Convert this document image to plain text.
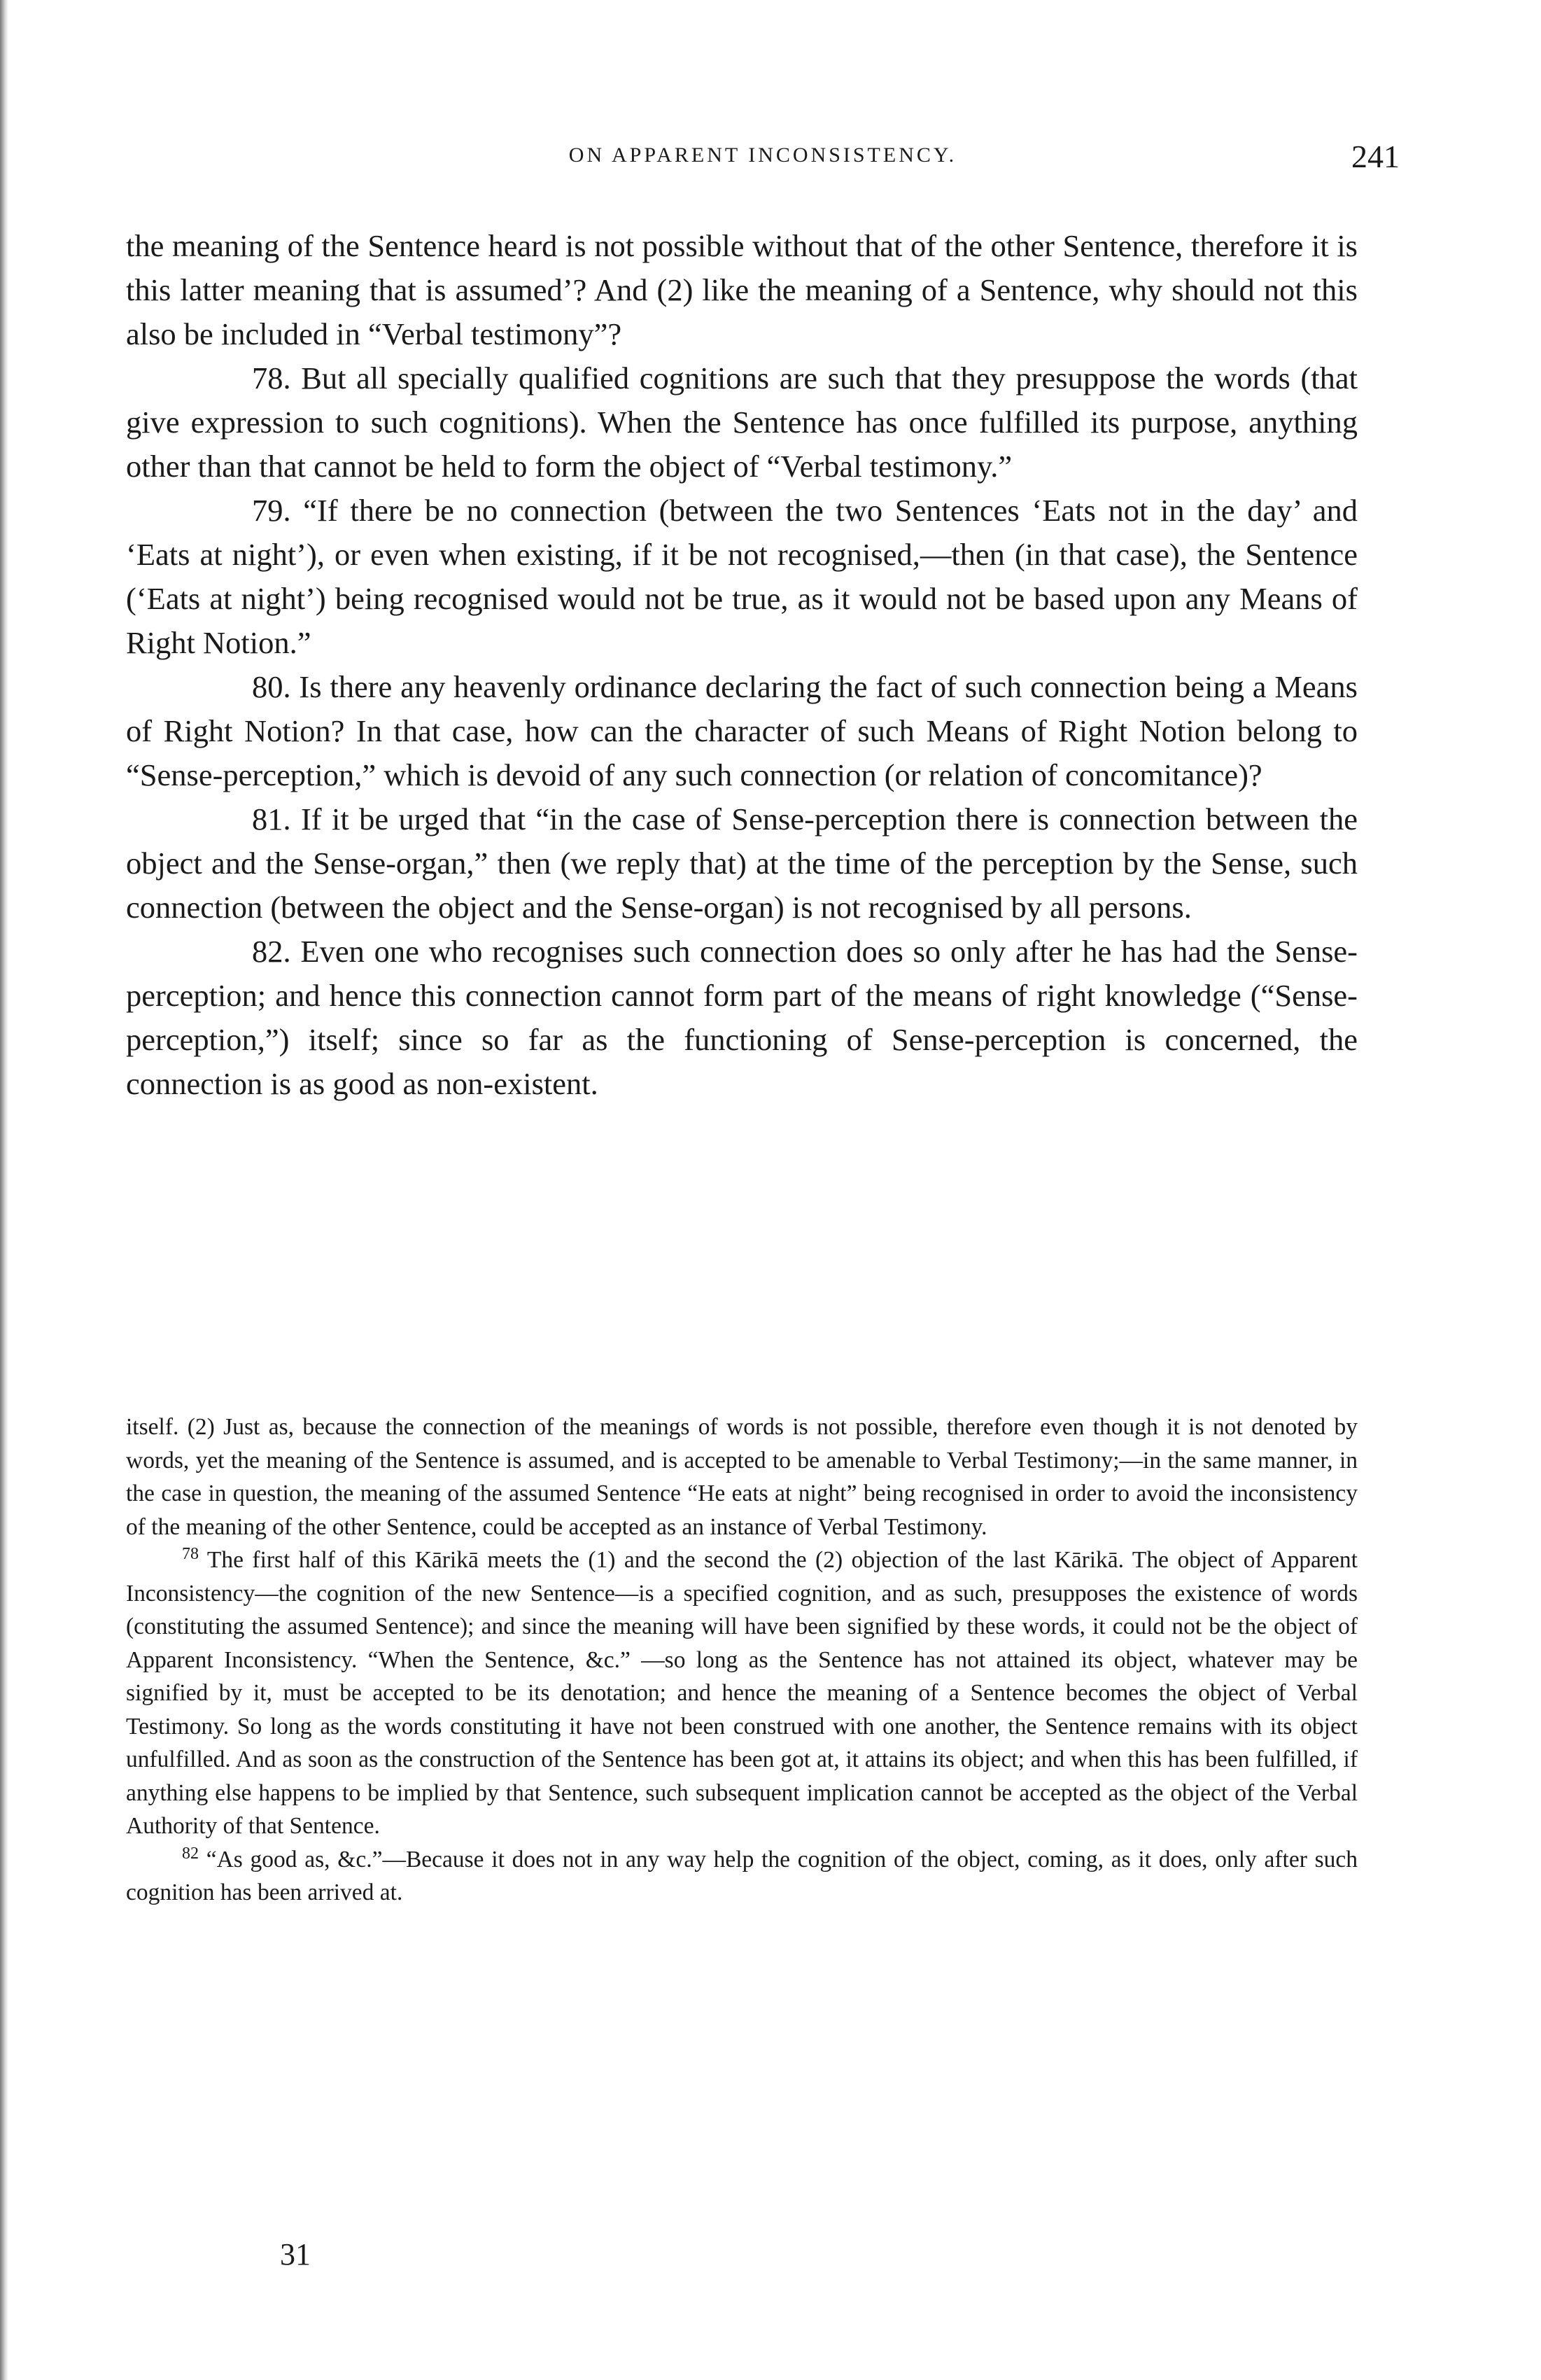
ON APPARENT INCONSISTENCY.	241

the meaning of the Sentence heard is not possible without that of the other Sentence, therefore it is this latter meaning that is assumed’? And (2) like the meaning of a Sentence, why should not this also be included in “Verbal testimony”?

78. But all specially qualified cognitions are such that they presuppose the words (that give expression to such cognitions). When the Sentence has once fulfilled its purpose, anything other than that cannot be held to form the object of “Verbal testimony.”

79. “If there be no connection (between the two Sentences ‘Eats not in the day’ and ‘Eats at night’), or even when existing, if it be not recognised,—then (in that case), the Sentence (‘Eats at night’) being recognised would not be true, as it would not be based upon any Means of Right Notion.”

80. Is there any heavenly ordinance declaring the fact of such connection being a Means of Right Notion? In that case, how can the character of such Means of Right Notion belong to “Sense-perception,” which is devoid of any such connection (or relation of concomitance)?

81. If it be urged that “in the case of Sense-perception there is connection between the object and the Sense-organ,” then (we reply that) at the time of the perception by the Sense, such connection (between the object and the Sense-organ) is not recognised by all persons.

82. Even one who recognises such connection does so only after he has had the Sense-perception; and hence this connection cannot form part of the means of right knowledge (“Sense-perception,”) itself; since so far as the functioning of Sense-perception is concerned, the connection is as good as non-existent.

itself. (2) Just as, because the connection of the meanings of words is not possible, therefore even though it is not denoted by words, yet the meaning of the Sentence is assumed, and is accepted to be amenable to Verbal Testimony;—in the same manner, in the case in question, the meaning of the assumed Sentence “He eats at night” being recognised in order to avoid the inconsistency of the meaning of the other Sentence, could be accepted as an instance of Verbal Testimony.

$^{78}$ The first half of this Kārikā meets the (1) and the second the (2) objection of the last Kārikā. The object of Apparent Inconsistency—the cognition of the new Sentence—is a specified cognition, and as such, presupposes the existence of words (constituting the assumed Sentence); and since the meaning will have been signified by these words, it could not be the object of Apparent Inconsistency. “When the Sentence, &c.” —so long as the Sentence has not attained its object, whatever may be signified by it, must be accepted to be its denotation; and hence the meaning of a Sentence becomes the object of Verbal Testimony. So long as the words constituting it have not been construed with one another, the Sentence remains with its object unfulfilled. And as soon as the construction of the Sentence has been got at, it attains its object; and when this has been fulfilled, if anything else happens to be implied by that Sentence, such subsequent implication cannot be accepted as the object of the Verbal Authority of that Sentence.

$^{82}$ “As good as, &c.”—Because it does not in any way help the cognition of the object, coming, as it does, only after such cognition has been arrived at.

31
